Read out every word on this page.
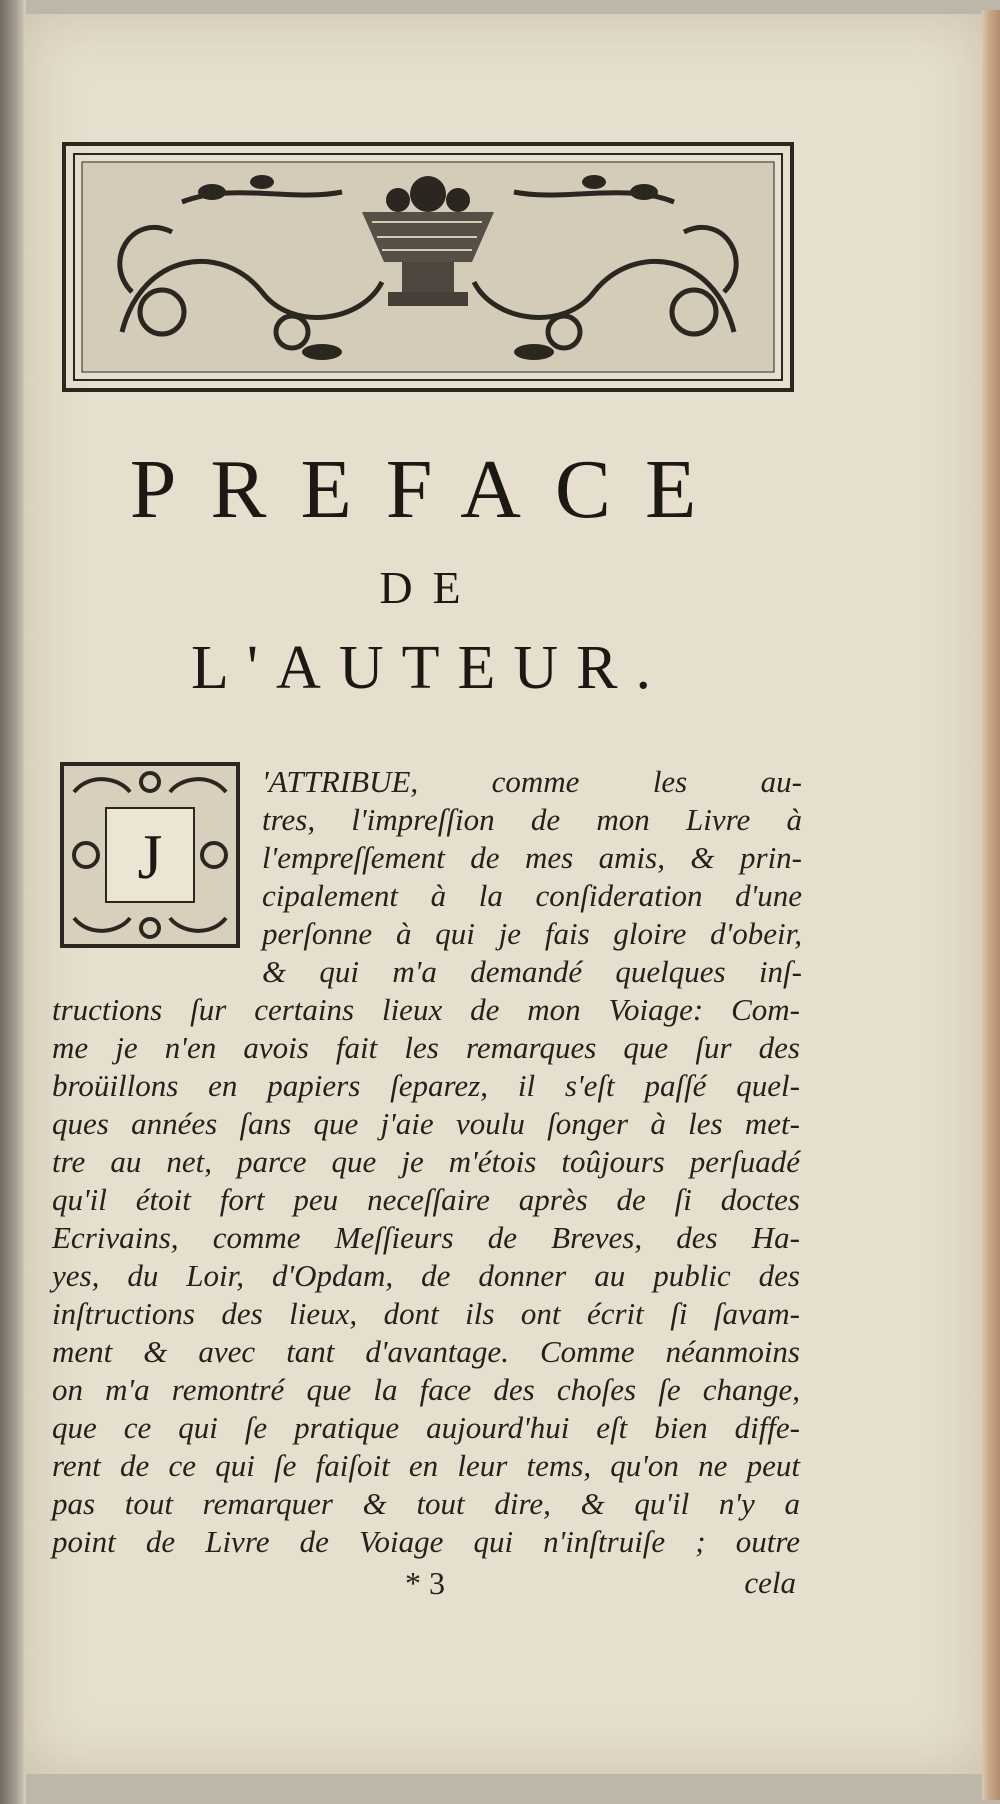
PREFACE
DE
L'AUTEUR.
J
'ATTRIBUE, comme les au-
tres, l'impreſſion de mon Livre à
l'empreſſement de mes amis, & prin-
cipalement à la conſideration d'une
perſonne à qui je fais gloire d'obeir,
& qui m'a demandé quelques inſ-
tructions ſur certains lieux de mon Voiage: Com-
me je n'en avois fait les remarques que ſur des
broüillons en papiers ſeparez, il s'eſt paſſé quel-
ques années ſans que j'aie voulu ſonger à les met-
tre au net, parce que je m'étois toûjours perſuadé
qu'il étoit fort peu neceſſaire après de ſi doctes
Ecrivains, comme Meſſieurs de Breves, des Ha-
yes, du Loir, d'Opdam, de donner au public des
inſtructions des lieux, dont ils ont écrit ſi ſavam-
ment & avec tant d'avantage. Comme néanmoins
on m'a remontré que la face des choſes ſe change,
que ce qui ſe pratique aujourd'hui eſt bien diffe-
rent de ce qui ſe faiſoit en leur tems, qu'on ne peut
pas tout remarquer & tout dire, & qu'il n'y a
point de Livre de Voiage qui n'inſtruiſe ; outre
* 3	cela
